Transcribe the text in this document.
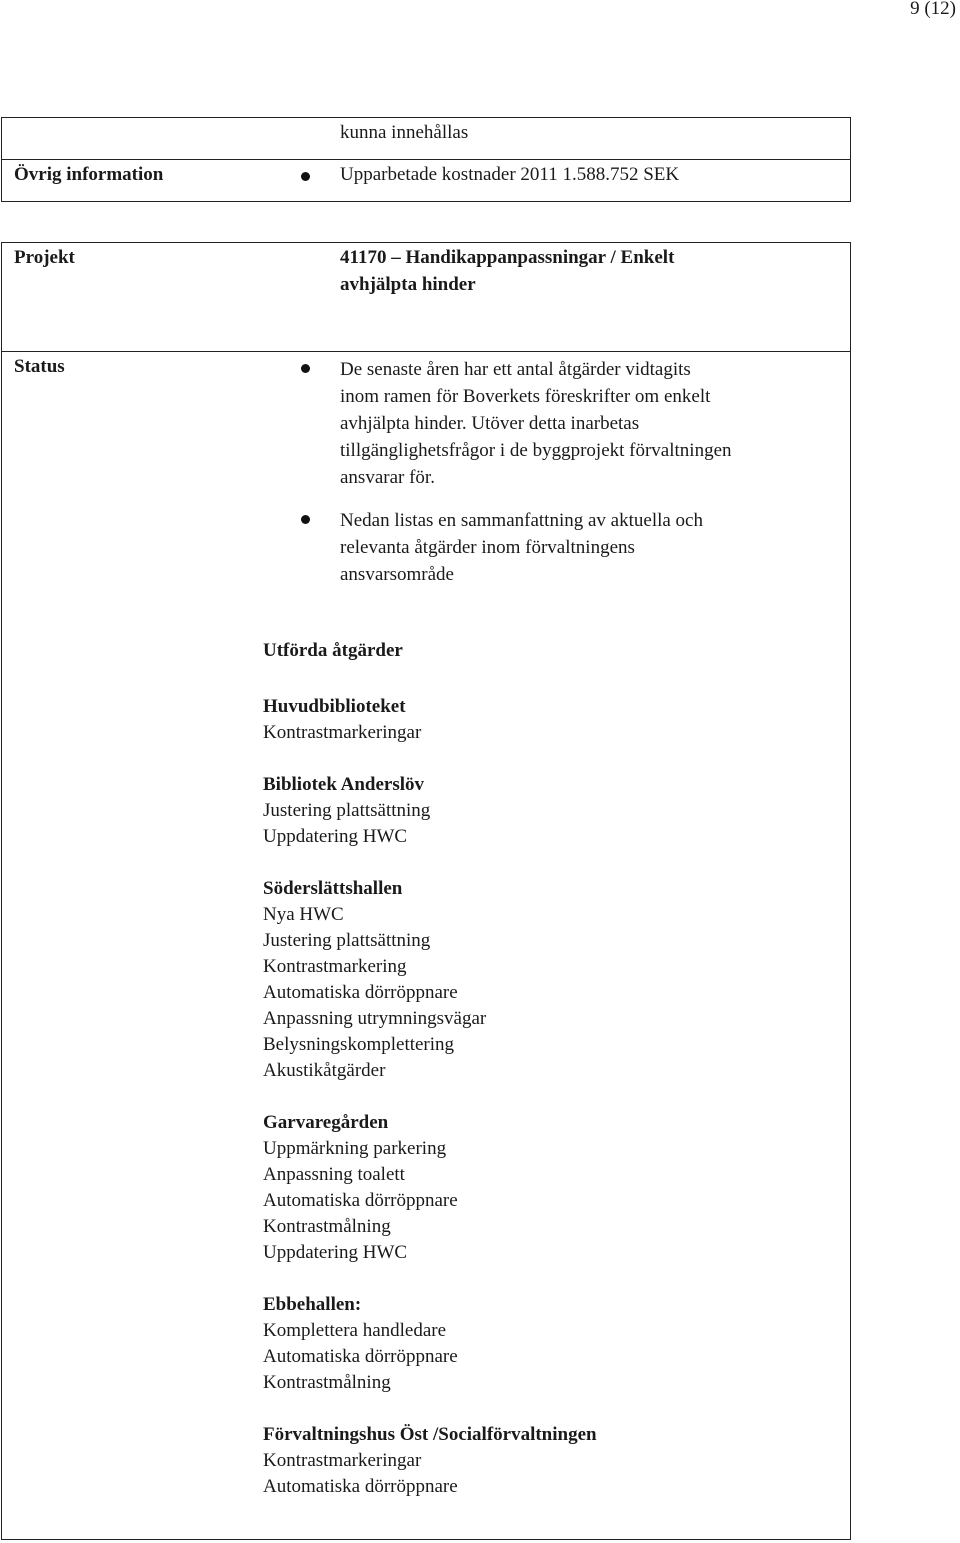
9 (12)
kunna innehållas
Övrig information	Upparbetade kostnader 2011 1.588.752 SEK
Projekt	41170 – Handikappanpassningar / Enkelt
avhjälpta hinder
Status	De senaste åren har ett antal åtgärder vidtagits
inom ramen för Boverkets föreskrifter om enkelt
avhjälpta hinder. Utöver detta inarbetas
tillgänglighetsfrågor i de byggprojekt förvaltningen
ansvarar för.
Nedan listas en sammanfattning av aktuella och
relevanta åtgärder inom förvaltningens
ansvarsområde
Utförda åtgärder
Huvudbiblioteket
Kontrastmarkeringar
Bibliotek Anderslöv
Justering plattsättning
Uppdatering HWC
Söderslättshallen
Nya HWC
Justering plattsättning
Kontrastmarkering
Automatiska dörröppnare
Anpassning utrymningsvägar
Belysningskomplettering
Akustikåtgärder
Garvaregården
Uppmärkning parkering
Anpassning toalett
Automatiska dörröppnare
Kontrastmålning
Uppdatering HWC
Ebbehallen:
Komplettera handledare
Automatiska dörröppnare
Kontrastmålning
Förvaltningshus Öst /Socialförvaltningen
Kontrastmarkeringar
Automatiska dörröppnare
